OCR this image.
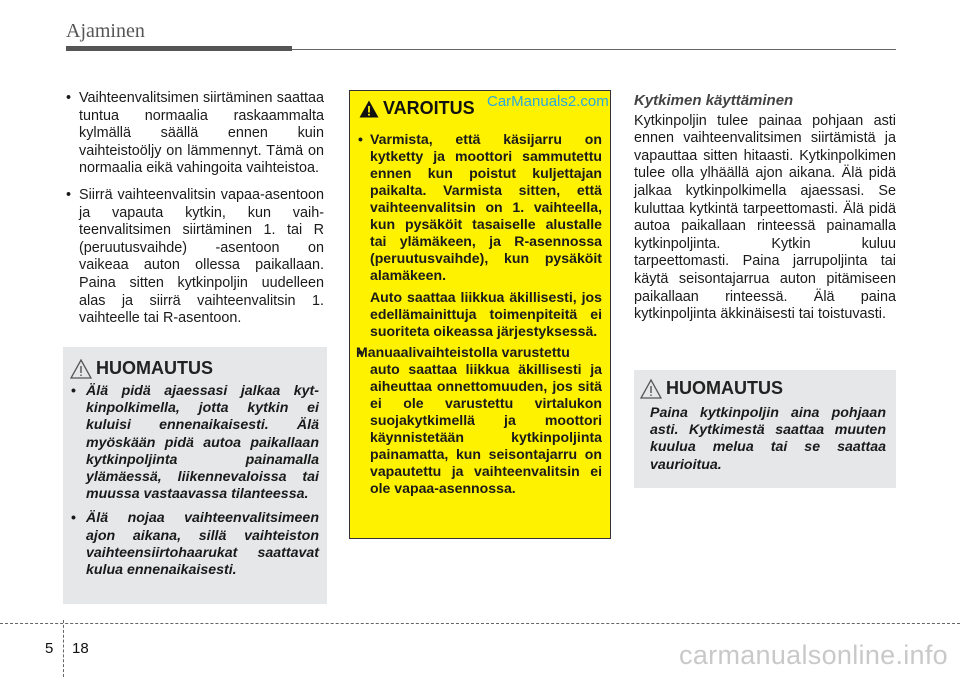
Ajaminen
• Vaihteenvalitsimen siirtäminen saattaa tuntua normaalia raskaammalta kylmällä säällä ennen kuin vaihteistoöljy on lämmennyt. Tämä on normaalia eikä vahingoita vaihteistoa.
• Siirrä vaihteenvalitsin vapaa-asentoon ja vapauta kytkin, kun vaihteenvalitsimen siirtäminen 1. tai R (peruutusvaihde) -asentoon on vaikeaa auton ollessa paikallaan. Paina sitten kytkinpoljin uudelleen alas ja siirrä vaihteenvalitsin 1. vaihteelle tai R-asentoon.
HUOMAUTUS
• Älä pidä ajaessasi jalkaa kytkinpolkimella, jotta kytkin ei kuluisi ennenaikaisesti. Älä myöskään pidä autoa paikallaan kytkinpoljinta painamalla ylämäessä, liikennevaloissa tai muussa vastaavassa tilanteessa.
• Älä nojaa vaihteenvalitsimeen ajon aikana, sillä vaihteiston vaihteensiirtohaarukat saattavat kulua ennenaikaisesti.
VAROITUS CarManuals2.com
• Varmista, että käsijarru on kytketty ja moottori sammutettu ennen kun poistut kuljettajan paikalta. Varmista sitten, että vaihteenvalitsin on 1. vaihteella, kun pysäköit tasaiselle alustalle tai ylämäkeen, ja R-asennossa (peruutusvaihde), kun pysäköit alamäkeen.
Auto saattaa liikkua äkillisesti, jos edellämainittuja toimenpiteitä ei suoriteta oikeassa järjestyksessä.
• Manuaalivaihteistolla varustettu
auto saattaa liikkua äkillisesti ja aiheuttaa onnettomuuden, jos sitä ei ole varustettu virtalukon suojakytkimellä ja moottori käynnistetään kytkinpoljinta painamatta, kun seisontajarru on vapautettu ja vaihteenvalitsin ei ole vapaa-asennossa.
Kytkimen käyttäminen

Kytkinpoljin tulee painaa pohjaan asti ennen vaihteenvalitsimen siirtämistä ja vapauttaa sitten hitaasti. Kytkinpolkimen tulee olla ylhäällä ajon aikana. Älä pidä jalkaa kytkinpolkimella ajaessasi. Se kuluttaa kytkintä tarpeettomasti. Älä pidä autoa paikallaan rinteessä painamalla kytkinpoljinta. Kytkin kuluu tarpeettomasti. Paina jarrupoljinta tai käytä seisontajarrua auton pitämiseen paikallaan rinteessä. Älä paina kytkinpoljinta äkkinäisesti tai toistuvasti.

HUOMAUTUS
Paina kytkinpoljin aina pohjaan asti. Kytkimestä saattaa muuten kuulua melua tai se saattaa vaurioitua.
5 18	carmanualsonline.info
